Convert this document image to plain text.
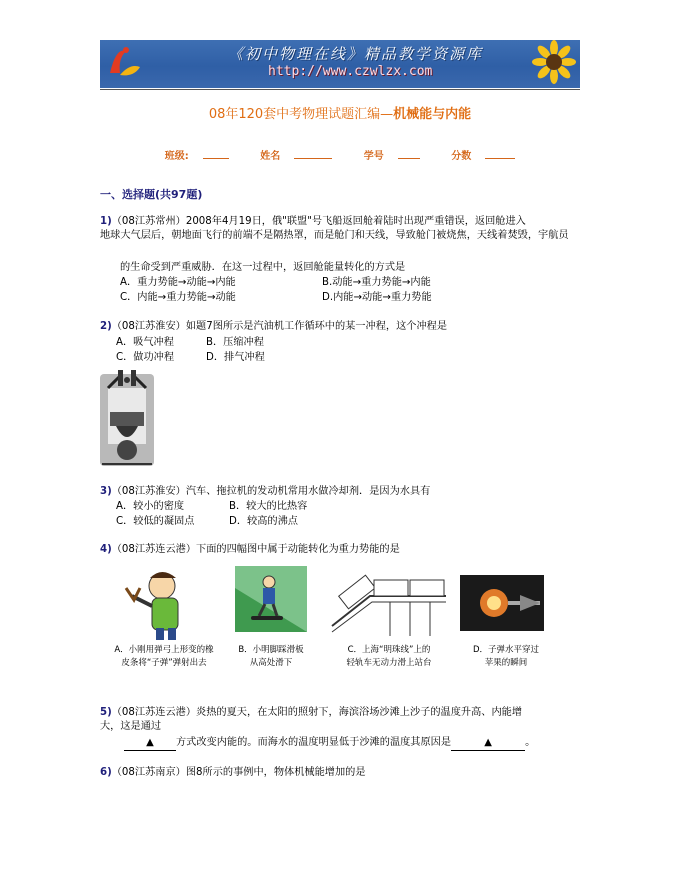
《初中物理在线》精品教学资源库
http://www.czwlzx.com
08年120套中考物理试题汇编—机械能与内能
班级:	姓名	学号	分数
一、选择题(共97题)
1)（08江苏常州）2008年4月19日，俄"联盟"号飞船返回舱着陆时出现严重错误，返回舱进入
地球大气层后，朝地面飞行的前端不是隔热罩，而是舱门和天线，导致舱门被烧焦，天线着焚毁，宇航员
的生命受到严重威胁．在这一过程中，返回舱能量转化的方式是
A．重力势能→动能→内能	B.动能→重力势能→内能
C．内能→重力势能→动能	D.内能→动能→重力势能
2)（08江苏淮安）如题7图所示是汽油机工作循环中的某一冲程，这个冲程是
A．吸气冲程	B．压缩冲程
C．做功冲程	D．排气冲程
3)（08江苏淮安）汽车、拖拉机的发动机常用水做冷却剂．是因为水具有
A．较小的密度	B．较大的比热容
C．较低的凝固点	D．较高的沸点
4)（08江苏连云港）下面的四幅图中属于动能转化为重力势能的是
A．小刚用弹弓上形变的橡
皮条将“子弹”弹射出去
B．小明脚踩滑板
从高处滑下
C．上海“明珠线”上的
轻轨车无动力滑上站台
D．子弹水平穿过
苹果的瞬间
5)（08江苏连云港）炎热的夏天，在太阳的照射下，海滨浴场沙滩上沙子的温度升高、内能增
大，这是通过
▲ 方式改变内能的。而海水的温度明显低于沙滩的温度其原因是	▲	。
6)（08江苏南京）图8所示的事例中，物体机械能增加的是
